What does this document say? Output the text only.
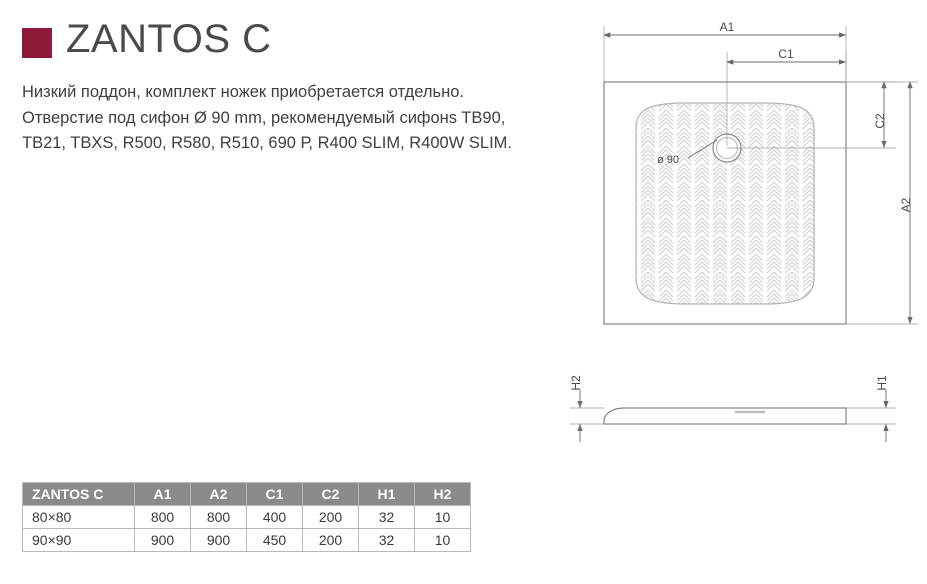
ZANTOS C
Низкий поддон, комплект ножек приобретается отдельно. Отверстие под сифон Ø 90 mm, рекомендуемый сифонs TB90, TB21, TBXS, R500, R580, R510, 690 Р, R400 SLIM, R400W SLIM.
ZANTOS C	A1	A2	C1	C2	H1	H2
80×80	800	800	400	200	32	10
90×90	900	900	450	200	32	10
A1
C1
C2
A2
H2	H1
ø 90
